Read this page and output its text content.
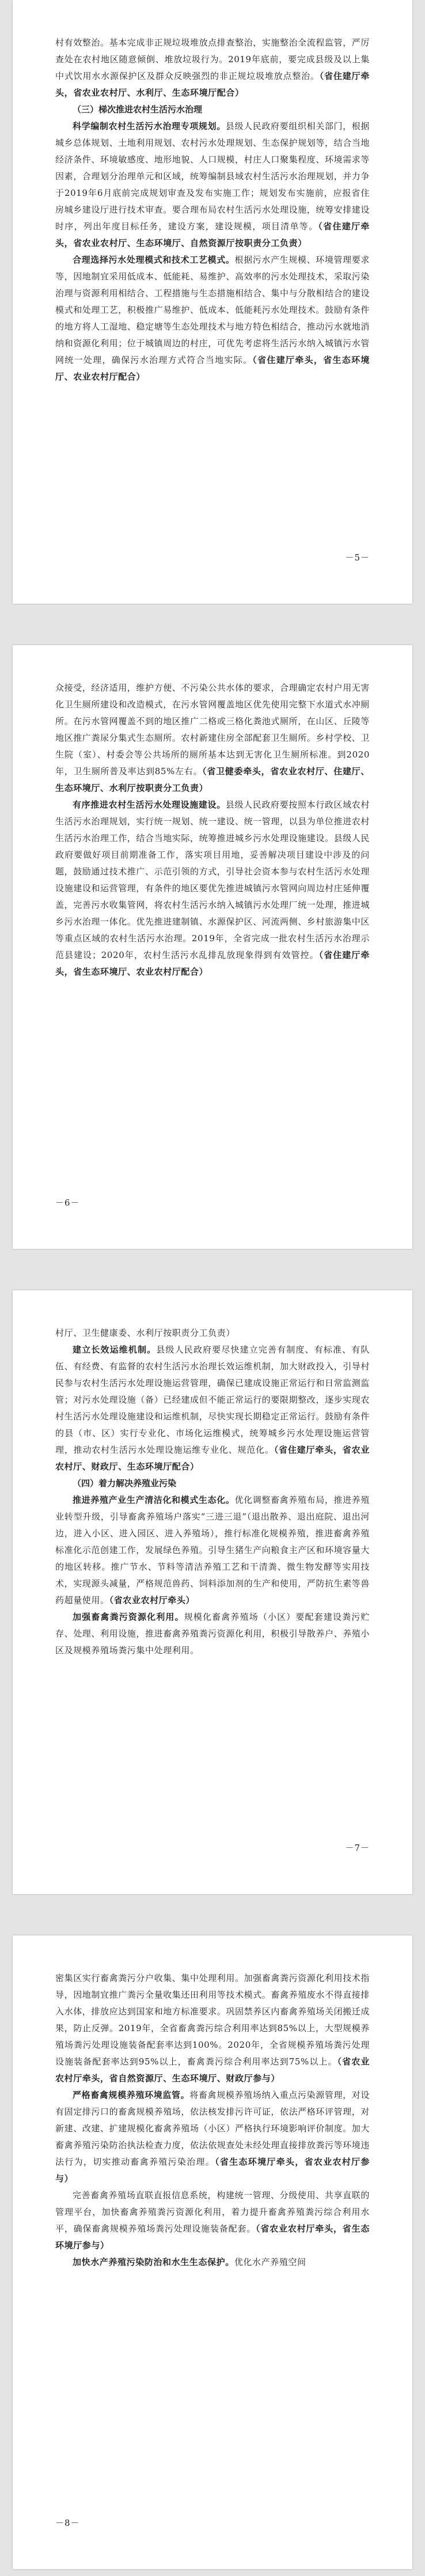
村有效整治。基本完成非正规垃圾堆放点排查整治，实施整治全流程监管，严厉查处在农村地区随意倾倒、堆放垃圾行为。2019年底前，要完成县级及以上集中式饮用水水源保护区及群众反映强烈的非正规垃圾堆放点整治。（省住建厅牵头，省农业农村厅、水利厅、生态环境厅配合）

（三）梯次推进农村生活污水治理

科学编制农村生活污水治理专项规划。县级人民政府要组织相关部门，根据城乡总体规划、土地利用规划、农村污水处理规划、生态保护规划等，结合当地经济条件、环境敏感度、地形地貌、人口规模，村庄人口聚集程度、环境需求等因素，合理划分治理单元和区域，统筹编制县域农村生活污水治理规划，并力争于2019年6月底前完成规划审查及发布实施工作；规划发布实施前，应报省住房城乡建设厅进行技术审查。要合理布局农村生活污水处理设施，统筹安排建设时序，列出年度目标任务，建设方案，建设规模，项目清单等。（省住建厅牵头，省农业农村厅、生态环境厅、自然资源厅按职责分工负责）

合理选择污水处理模式和技术工艺模式。根据污水产生规模、环境管理要求等，因地制宜采用低成本、低能耗、易维护、高效率的污水处理技术，采取污染治理与资源利用相结合、工程措施与生态措施相结合、集中与分散相结合的建设模式和处理工艺，积极推广易维护、低成本、低能耗污水处理技术。鼓励有条件的地方将人工湿地、稳定塘等生态处理技术与地方特色相结合，推动污水就地消纳和资源化利用；位于城镇周边的村庄，可优先考虑将生活污水纳入城镇污水管网统一处理，确保污水治理方式符合当地实际。（省住建厅牵头，省生态环境厅、农业农村厅配合）

－5－

众接受，经济适用，维护方便、不污染公共水体的要求，合理确定农村户用无害化卫生厕所建设和改造模式，在污水管网覆盖地区优先使用完整下水道式水冲厕所。在污水管网覆盖不到的地区推广二格或三格化粪池式厕所，在山区、丘陵等地区推广粪尿分集式生态厕所。农村新建住房全部配套卫生厕所。乡村学校、卫生院（室）、村委会等公共场所的厕所基本达到无害化卫生厕所标准。到2020年，卫生厕所普及率达到85%左右。（省卫健委牵头，省农业农村厅、住建厅、生态环境厅、水利厅按职责分工负责）

有序推进农村生活污水处理设施建设。县级人民政府要按照本行政区域农村生活污水治理规划，实行统一规划、统一建设、统一管理，以县为单位推进农村生活污水治理工作，结合当地实际，统筹推进城乡污水处理设施建设。县级人民政府要做好项目前期准备工作，落实项目用地，妥善解决项目建设中涉及的问题，鼓励通过技术推广、示范引领的方式，引导社会资本参与农村生活污水处理设施建设和运营管理，有条件的地区要优先推进城镇污水管网向周边村庄延伸覆盖，完善污水收集管网，将农村生活污水纳入城镇污水处理厂统一处理，推进城乡污水治理一体化。优先推进建制镇、水源保护区、河流两侧、乡村旅游集中区等重点区域的农村生活污水治理。2019年，全省完成一批农村生活污水治理示范县建设；2020年，农村生活污水乱排乱放现象得到有效管控。（省住建厅牵头，省生态环境厅、农业农村厅配合）

－6－

村厅、卫生健康委、水利厅按职责分工负责）

建立长效运维机制。县级人民政府要尽快建立完善有制度、有标准、有队伍、有经费、有监督的农村生活污水治理长效运维机制，加大财政投入，引导村民参与农村生活污水处理设施运营管理，确保已建成设施正常运行和日常监测监管；对污水处理设施（备）已经建成但不能正常运行的要限期整改，逐步实现农村生活污水处理设施建设和运维机制，尽快实现长期稳定正常运行。鼓励有条件的县（市、区）实行专业化、市场化运维模式，统筹城乡污水处理设施运营管理，推动农村生活污水处理设施运维专业化、规范化。（省住建厅牵头，省农业农村厅、财政厅、生态环境厅配合）

（四）着力解决养殖业污染

推进养殖产业生产清洁化和模式生态化。优化调整畜禽养殖布局，推进养殖业转型升级，引导畜禽养殖场户落实“三进三退”（退出散养、退出庭院、退出河边，进入小区、进入园区、进入养殖场），推行标准化规模养殖，推进畜禽养殖标准化示范创建工作，发展绿色养殖。引导生猪生产向粮食主产区和环境容量大的地区转移。推广节水、节料等清洁养殖工艺和干清粪、微生物发酵等实用技术，实现源头减量，严格规范兽药、饲料添加剂的生产和使用，严防抗生素等兽药超量使用。（省农业农村厅牵头）

加强畜禽粪污资源化利用。规模化畜禽养殖场（小区）要配套建设粪污贮存、处理、利用设施，推进畜禽养殖粪污资源化利用，积极引导散养户、养殖小区及规模养殖场粪污集中处理利用。

－7－

密集区实行畜禽粪污分户收集、集中处理利用。加强畜禽粪污资源化利用技术指导，因地制宜推广粪污全量收集还田利用等技术模式。畜禽养殖废水不得直接排入水体，排放应达到国家和地方标准要求。巩固禁养区内畜禽养殖场关闭搬迁成果，防止反弹。2019年，全省畜禽粪污综合利用率达到85%以上，大型规模养殖场粪污处理设施装备配套率达到100%。2020年，全省规模养殖场粪污处理设施装备配套率达到95%以上，畜禽粪污综合利用率达到75%以上。（省农业农村厅牵头，省自然资源厅、生态环境厅、财政厅参与）

严格畜禽规模养殖环境监管。将畜禽规模养殖场纳入重点污染源管理，对设有固定排污口的畜禽规模养殖场，依法核发排污许可证，依法严格环评管理，对新建、改建、扩建规模化畜禽养殖场（小区）严格执行环境影响评价制度。加大畜禽养殖污染防治执法检查力度，依法依规查处未经处理直接排放粪污等环境违法行为，切实推动畜禽养殖污染治理。（省生态环境厅牵头，省农业农村厅参与）

完善畜禽养殖场直联直报信息系统，构建统一管理、分级使用、共享直联的管理平台，加快畜禽养殖粪污资源化利用，着力提升畜禽养殖粪污综合利用水平，确保畜禽规模养殖场粪污处理设施装备配套。（省农业农村厅牵头，省生态环境厅参与）

加快水产养殖污染防治和水生生态保护。优化水产养殖空间

－8－
